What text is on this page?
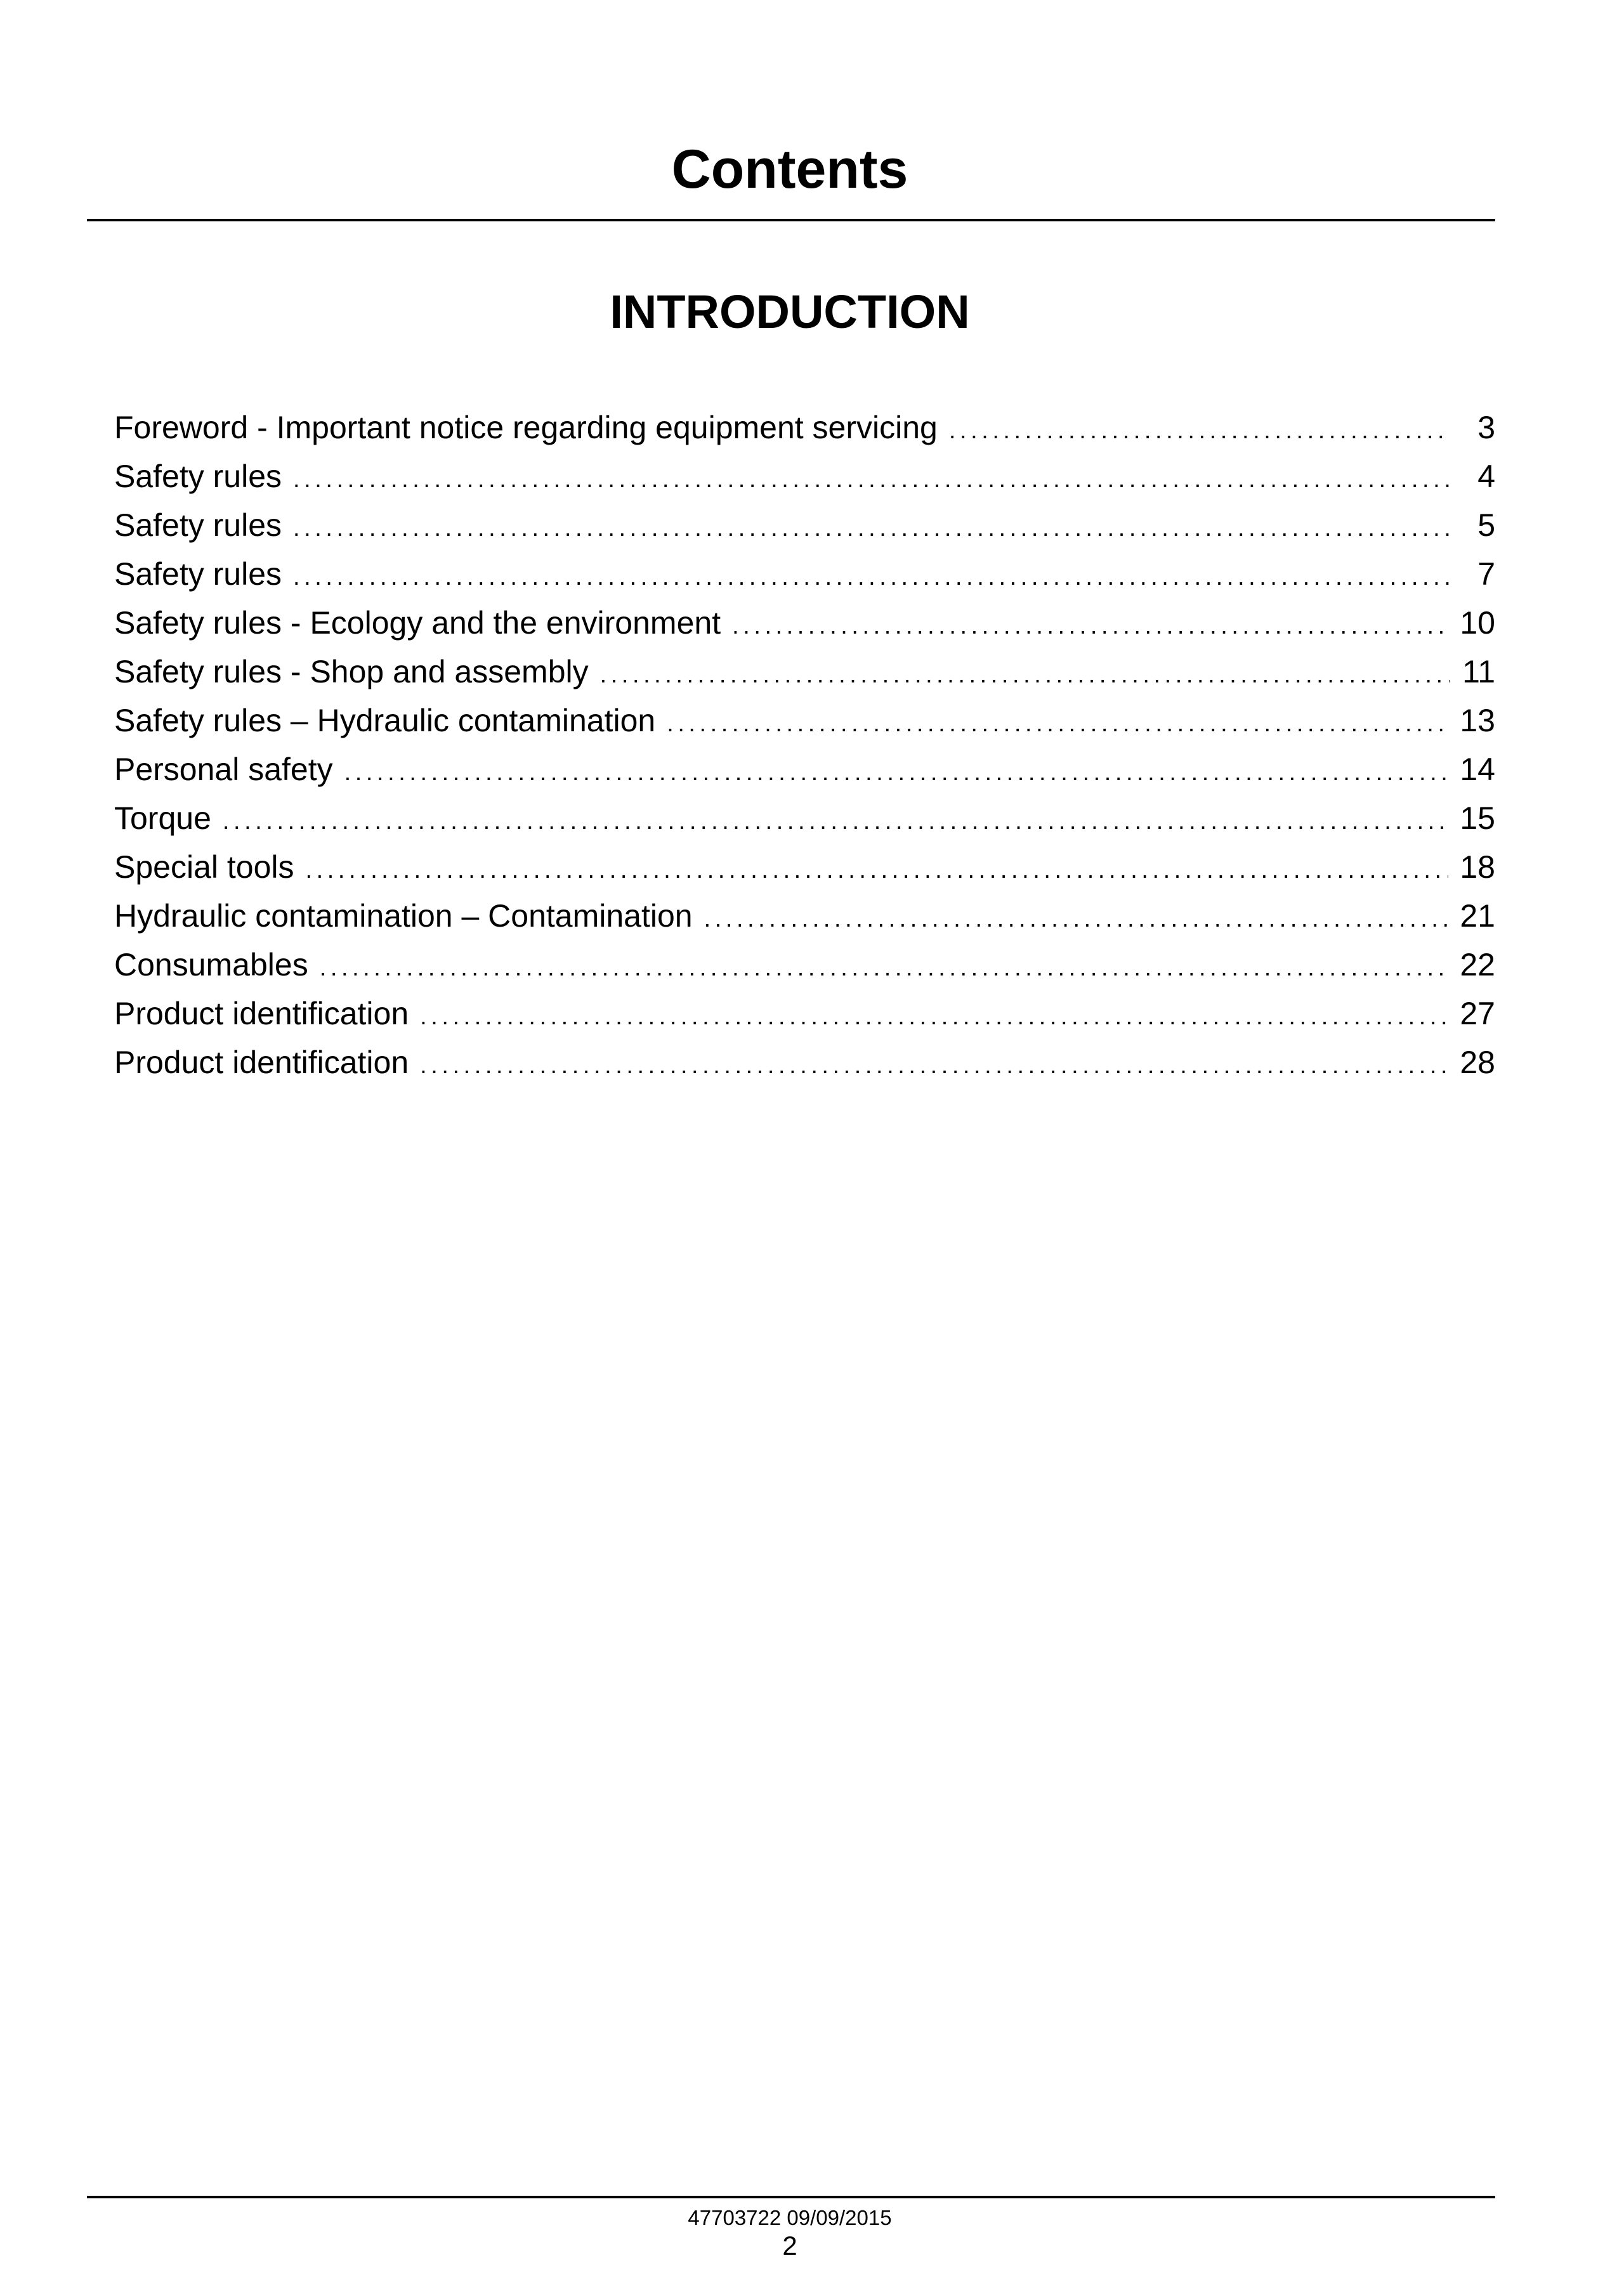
Contents
INTRODUCTION
Foreword - Important notice regarding equipment servicing . . .	3
Safety rules . . .	4
Safety rules . . .	5
Safety rules . . .	7
Safety rules - Ecology and the environment . . .	10
Safety rules - Shop and assembly . . .	11
Safety rules – Hydraulic contamination . . .	13
Personal safety . . .	14
Torque . . .	15
Special tools . . .	18
Hydraulic contamination – Contamination . . .	21
Consumables . . .	22
Product identification . . .	27
Product identification . . .	28
47703722 09/09/2015
2
